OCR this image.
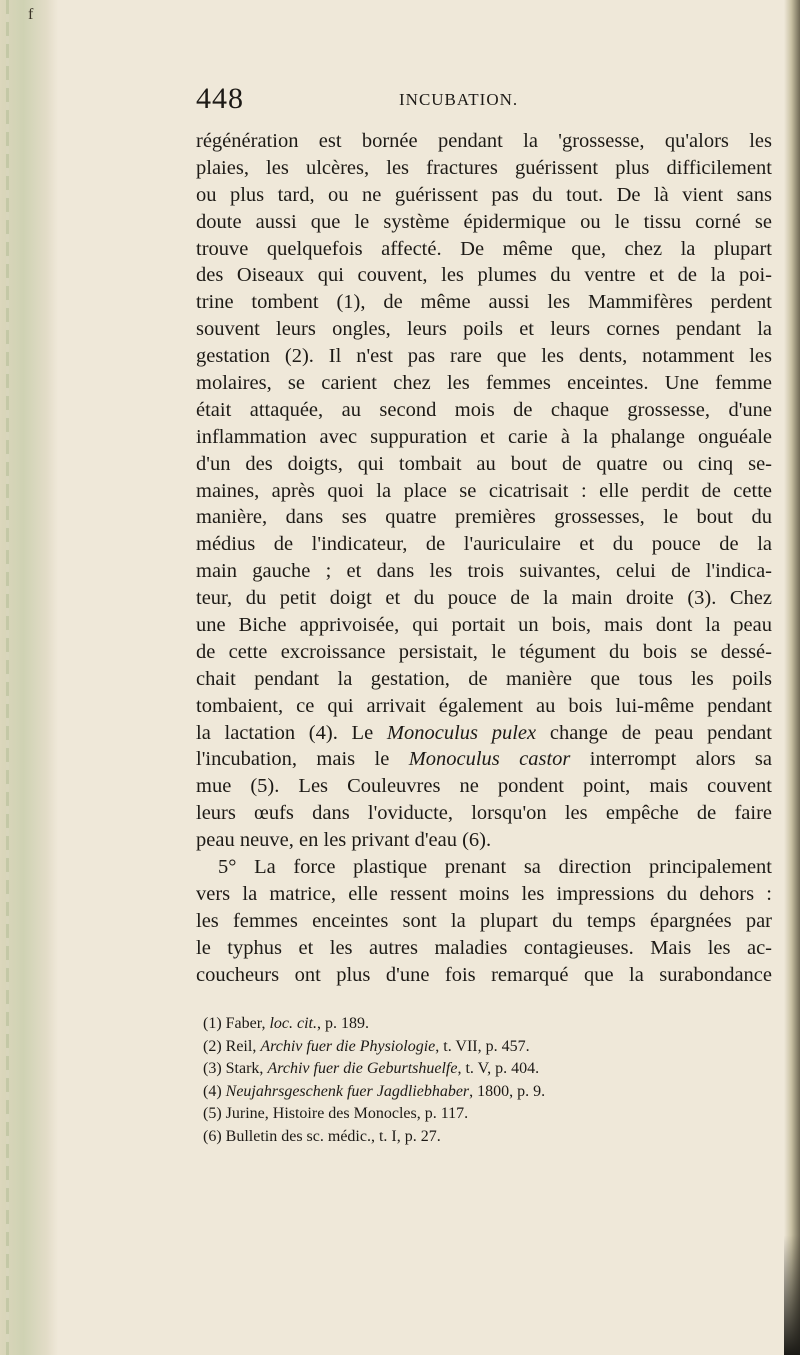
f
448	INCUBATION.
régénération est bornée pendant la 'grossesse, qu'alors les
plaies, les ulcères, les fractures guérissent plus difficilement
ou plus tard, ou ne guérissent pas du tout. De là vient sans
doute aussi que le système épidermique ou le tissu corné se
trouve quelquefois affecté. De même que, chez la plupart
des Oiseaux qui couvent, les plumes du ventre et de la poi-
trine tombent (1), de même aussi les Mammifères perdent
souvent leurs ongles, leurs poils et leurs cornes pendant la
gestation (2). Il n'est pas rare que les dents, notamment les
molaires, se carient chez les femmes enceintes. Une femme
était attaquée, au second mois de chaque grossesse, d'une
inflammation avec suppuration et carie à la phalange onguéale
d'un des doigts, qui tombait au bout de quatre ou cinq se-
maines, après quoi la place se cicatrisait : elle perdit de cette
manière, dans ses quatre premières grossesses, le bout du
médius de l'indicateur, de l'auriculaire et du pouce de la
main gauche ; et dans les trois suivantes, celui de l'indica-
teur, du petit doigt et du pouce de la main droite (3). Chez
une Biche apprivoisée, qui portait un bois, mais dont la peau
de cette excroissance persistait, le tégument du bois se dessé-
chait pendant la gestation, de manière que tous les poils
tombaient, ce qui arrivait également au bois lui-même pendant
la lactation (4). Le Monoculus pulex change de peau pendant
l'incubation, mais le Monoculus castor interrompt alors sa
mue (5). Les Couleuvres ne pondent point, mais couvent
leurs œufs dans l'oviducte, lorsqu'on les empêche de faire
peau neuve, en les privant d'eau (6).
5° La force plastique prenant sa direction principalement
vers la matrice, elle ressent moins les impressions du dehors :
les femmes enceintes sont la plupart du temps épargnées par
le typhus et les autres maladies contagieuses. Mais les ac-
coucheurs ont plus d'une fois remarqué que la surabondance
(1) Faber, loc. cit., p. 189.
(2) Reil, Archiv fuer die Physiologie, t. VII, p. 457.
(3) Stark, Archiv fuer die Geburtshuelfe, t. V, p. 404.
(4) Neujahrsgeschenk fuer Jagdliebhaber, 1800, p. 9.
(5) Jurine, Histoire des Monocles, p. 117.
(6) Bulletin des sc. médic., t. I, p. 27.
